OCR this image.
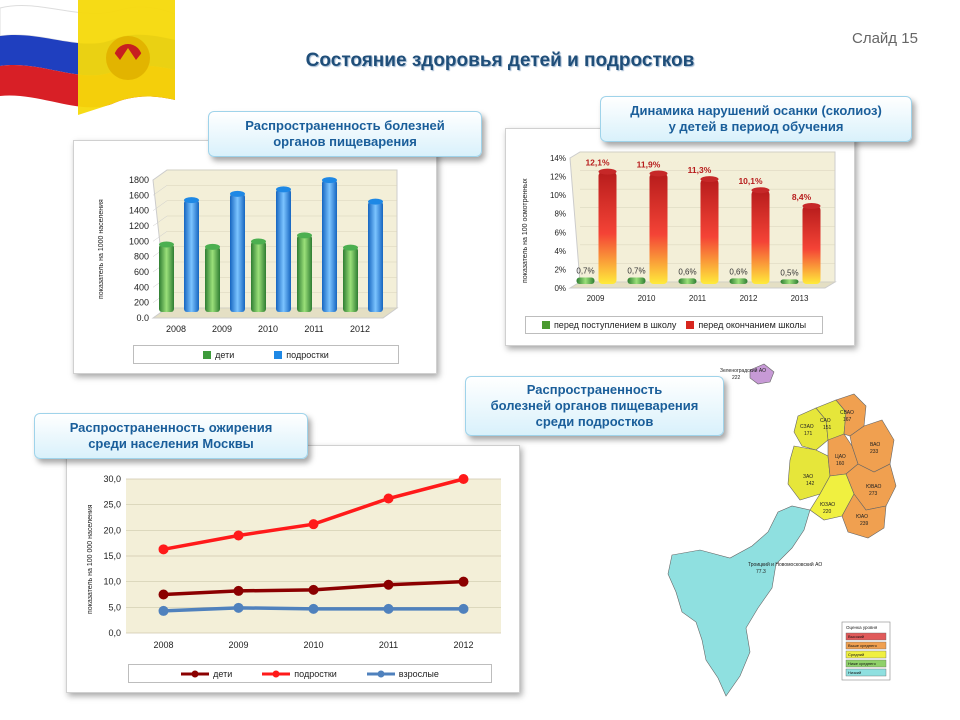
Слайд 15
Состояние здоровья детей и подростков
0.0
200
400
600
800
1000
1200
1400
1600
1800
показатель на 1000 населения
2008	2009	2010	2011	2012
дети	подростки
Распространенность болезней
органов пищеварения
0%
2%
4%
6%
8%
10%
12%
14%
показатель на 100 осмотренных
2009
0,7%
12,1%
2010
0,7%
11,9%
2011
0,6%
11,3%
2012
0,6%
10,1%
2013
0,5%
8,4%
перед поступлением в школу перед окончанием школы
Динамика нарушений осанки (сколиоз)
у детей в период обучения
0,0
5,0
10,0
15,0
20,0
25,0
30,0
показатель на 100 000 населения
2008	2009	2010	2011	2012
дети	подростки	взрослые
Распространенность ожирения
среди населения Москвы
Зеленоградский АО
222
СЗАО
171
САО
151
СВАО
167
ВАО
233
ЦАО
160
ЗАО
142	ЮВАО
273
ЮЗАО
220
ЮАО
239
Троицкий и Новомосковский АО
77.3
Оценка уровня
Высокий
Выше среднего
Средний
Ниже среднего
Низкий
Распространенность
болезней органов пищеварения
среди подростков
